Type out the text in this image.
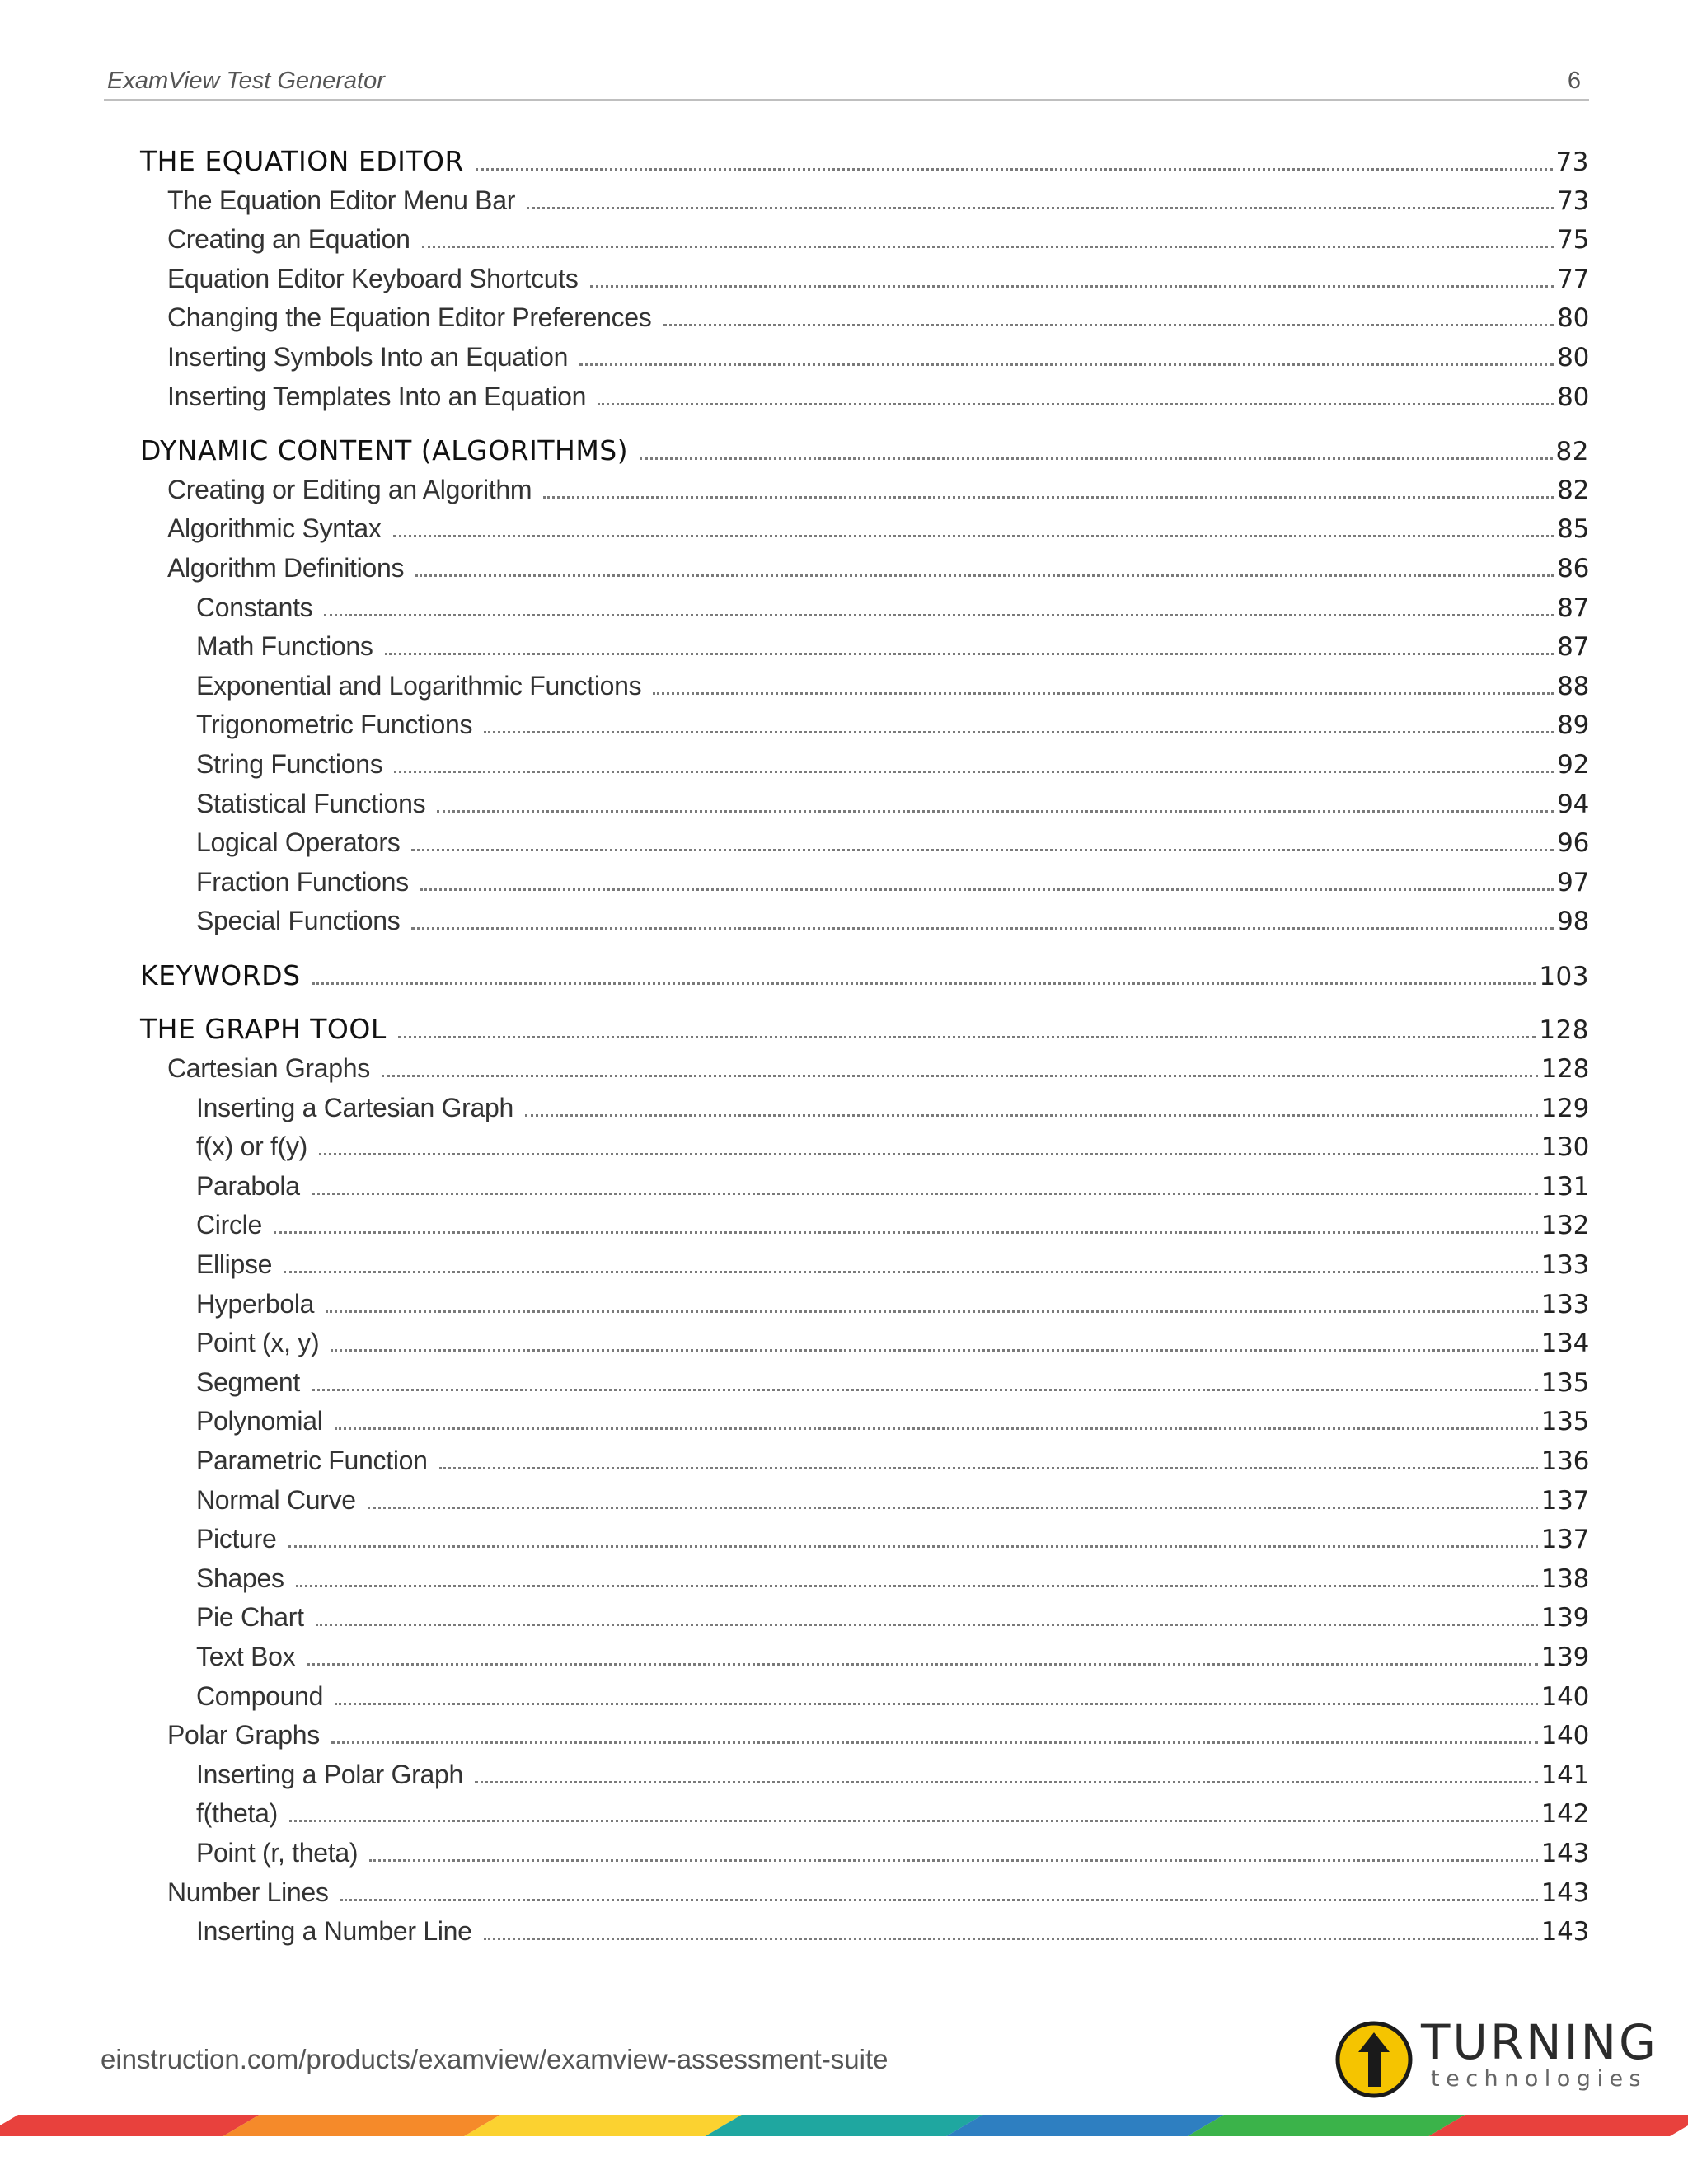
ExamView Test Generator	6
THE EQUATION EDITOR	73
The Equation Editor Menu Bar	73
Creating an Equation	75
Equation Editor Keyboard Shortcuts	77
Changing the Equation Editor Preferences	80
Inserting Symbols Into an Equation	80
Inserting Templates Into an Equation	80
DYNAMIC CONTENT (ALGORITHMS)	82
Creating or Editing an Algorithm	82
Algorithmic Syntax	85
Algorithm Definitions	86
Constants	87
Math Functions	87
Exponential and Logarithmic Functions	88
Trigonometric Functions	89
String Functions	92
Statistical Functions	94
Logical Operators	96
Fraction Functions	97
Special Functions	98
KEYWORDS	103
THE GRAPH TOOL	128
Cartesian Graphs	128
Inserting a Cartesian Graph	129
f(x) or f(y)	130
Parabola	131
Circle	132
Ellipse	133
Hyperbola	133
Point (x, y)	134
Segment	135
Polynomial	135
Parametric Function	136
Normal Curve	137
Picture	137
Shapes	138
Pie Chart	139
Text Box	139
Compound	140
Polar Graphs	140
Inserting a Polar Graph	141
f(theta)	142
Point (r, theta)	143
Number Lines	143
Inserting a Number Line	143
einstruction.com/products/examview/examview-assessment-suite	TURNING
technologies
